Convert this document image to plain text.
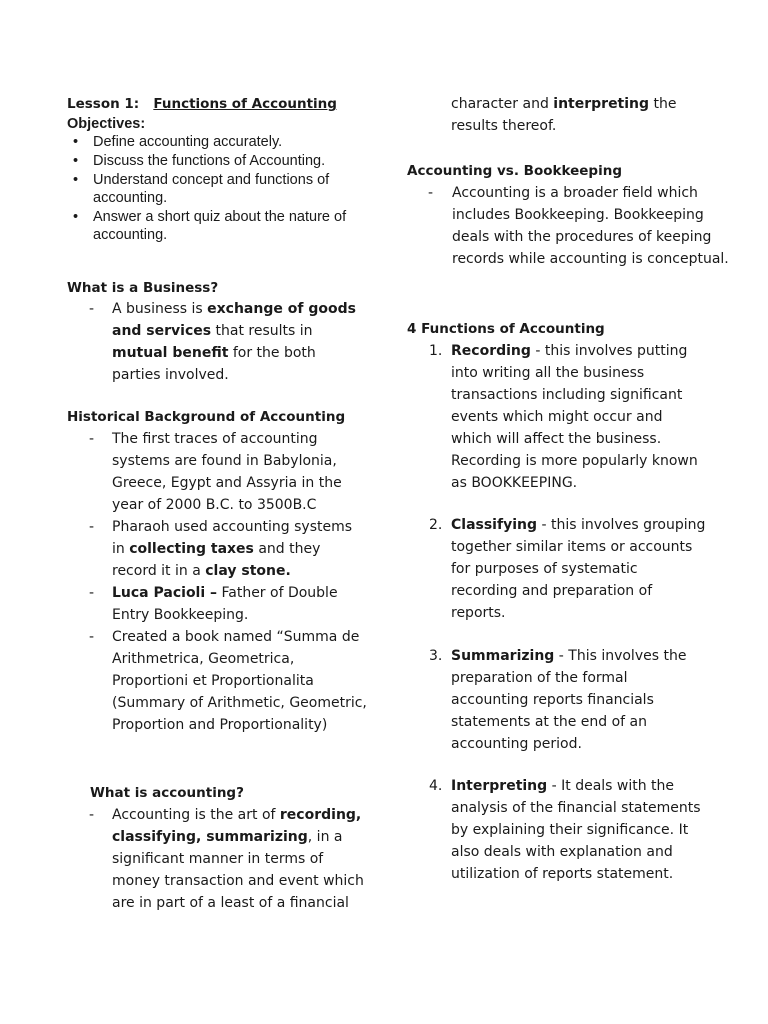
Lesson 1: Functions of Accounting

Objectives:

• Define accounting accurately.
• Discuss the functions of Accounting.
• Understand concept and functions of accounting.
• Answer a short quiz about the nature of accounting.

What is a Business?

-	A business is exchange of goods and services that results in mutual benefit for the both parties involved.

Historical Background of Accounting

-	The first traces of accounting systems are found in Babylonia, Greece, Egypt and Assyria in the year of 2000 B.C. to 3500B.C
-	Pharaoh used accounting systems in collecting taxes and they record it in a clay stone.
-	Luca Pacioli – Father of Double Entry Bookkeeping.
-	Created a book named “Summa de Arithmetrica, Geometrica, Proportioni et Proportionalita (Summary of Arithmetic, Geometric, Proportion and Proportionality)

What is accounting?

-	Accounting is the art of recording, classifying, summarizing, in a significant manner in terms of money transaction and event which are in part of a least of a financial
character and interpreting the results thereof.

Accounting vs. Bookkeeping

-	Accounting is a broader field which includes Bookkeeping. Bookkeeping deals with the procedures of keeping records while accounting is conceptual.

4 Functions of Accounting

1. Recording - this involves putting into writing all the business transactions including significant events which might occur and which will affect the business. Recording is more popularly known as BOOKKEEPING.
2. Classifying - this involves grouping together similar items or accounts for purposes of systematic recording and preparation of reports.
3. Summarizing - This involves the preparation of the formal accounting reports financials statements at the end of an accounting period.
4. Interpreting - It deals with the analysis of the financial statements by explaining their significance. It also deals with explanation and utilization of reports statement.
